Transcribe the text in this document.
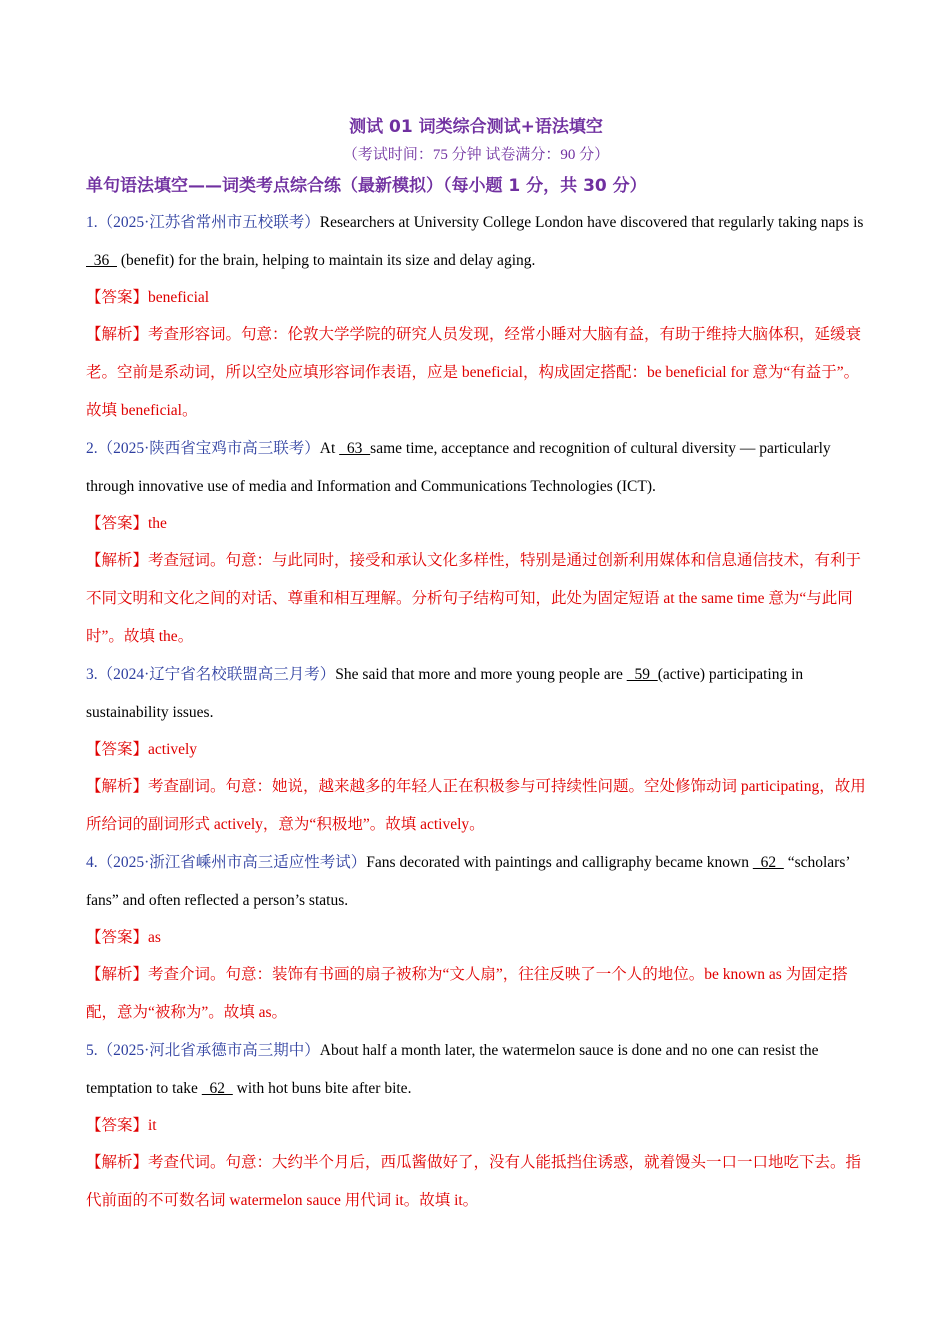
测试 01 词类综合测试+语法填空
（考试时间：75 分钟 试卷满分：90 分）
单句语法填空——词类考点综合练（最新模拟）（每小题 1 分，共 30 分）

1.（2025·江苏省常州市五校联考）Researchers at University College London have discovered that regularly taking naps is   36   (benefit) for the brain, helping to maintain its size and delay aging.

【答案】beneficial

【解析】考查形容词。句意：伦敦大学学院的研究人员发现，经常小睡对大脑有益，有助于维持大脑体积，延缓衰老。空前是系动词，所以空处应填形容词作表语，应是 beneficial，构成固定搭配：be beneficial for 意为“有益于”。故填 beneficial。

2.（2025·陕西省宝鸡市高三联考）At   63  same time, acceptance and recognition of cultural diversity — particularly through innovative use of media and Information and Communications Technologies (ICT).

【答案】the

【解析】考查冠词。句意：与此同时，接受和承认文化多样性，特别是通过创新利用媒体和信息通信技术，有利于不同文明和文化之间的对话、尊重和相互理解。分析句子结构可知，此处为固定短语 at the same time 意为“与此同时”。故填 the。

3.（2024·辽宁省名校联盟高三月考）She said that more and more young people are   59  (active) participating in sustainability issues.

【答案】actively

【解析】考查副词。句意：她说，越来越多的年轻人正在积极参与可持续性问题。空处修饰动词 participating，故用所给词的副词形式 actively，意为“积极地”。故填 actively。

4.（2025·浙江省嵊州市高三适应性考试）Fans decorated with paintings and calligraphy became known   62   “scholars’ fans” and often reflected a person’s status.

【答案】as

【解析】考查介词。句意：装饰有书画的扇子被称为“文人扇”，往往反映了一个人的地位。be known as 为固定搭配，意为“被称为”。故填 as。

5.（2025·河北省承德市高三期中）About half a month later, the watermelon sauce is done and no one can resist the temptation to take   62   with hot buns bite after bite.

【答案】it

【解析】考查代词。句意：大约半个月后，西瓜酱做好了，没有人能抵挡住诱惑，就着馒头一口一口地吃下去。指代前面的不可数名词 watermelon sauce 用代词 it。故填 it。
